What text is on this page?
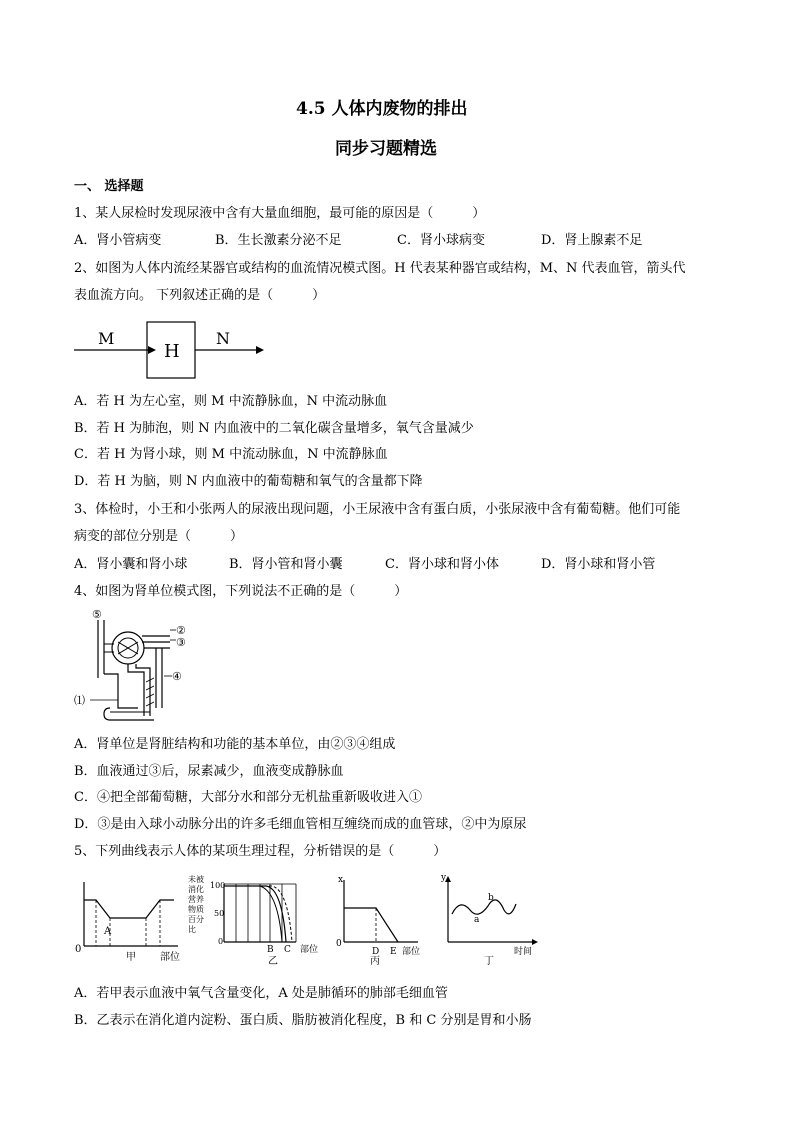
4.5 人体内废物的排出
同步习题精选
一、 选择题
1、某人尿检时发现尿液中含有大量血细胞，最可能的原因是（　　　）
A．肾小管病变	B．生长激素分泌不足	C．肾小球病变	D．肾上腺素不足
2、如图为人体内流经某器官或结构的血流情况模式图。H 代表某种器官或结构，M、N 代表血管，箭头代
表血流方向。 下列叙述正确的是（　　　）
M
H
N
A．若 H 为左心室，则 M 中流静脉血，N 中流动脉血
B．若 H 为肺泡，则 N 内血液中的二氧化碳含量增多，氧气含量减少
C．若 H 为肾小球，则 M 中流动脉血，N 中流静脉血
D．若 H 为脑，则 N 内血液中的葡萄糖和氧气的含量都下降
3、体检时，小王和小张两人的尿液出现问题，小王尿液中含有蛋白质，小张尿液中含有葡萄糖。他们可能
病变的部位分别是（　　　）
A．肾小囊和肾小球	B．肾小管和肾小囊	C．肾小球和肾小体	D．肾小球和肾小管
4、如图为肾单位模式图，下列说法不正确的是（　　　）
⑤
②
③
④
⑴
A．肾单位是肾脏结构和功能的基本单位，由②③④组成
B．血液通过③后，尿素减少，血液变成静脉血
C．④把全部葡萄糖，大部分水和部分无机盐重新吸收进入①
D．③是由入球小动脉分出的许多毛细血管相互缠绕而成的血管球，②中为原尿
5、下列曲线表示人体的某项生理过程，分析错误的是（　　　）
A
0
甲 部位
未被消化营养物质百分比
100
50
0
B C 部位
乙
x
0
D E 部位
丙
y
a
b
时间
丁
A．若甲表示血液中氧气含量变化，A 处是肺循环的肺部毛细血管
B．乙表示在消化道内淀粉、蛋白质、脂肪被消化程度，B 和 C 分别是胃和小肠
